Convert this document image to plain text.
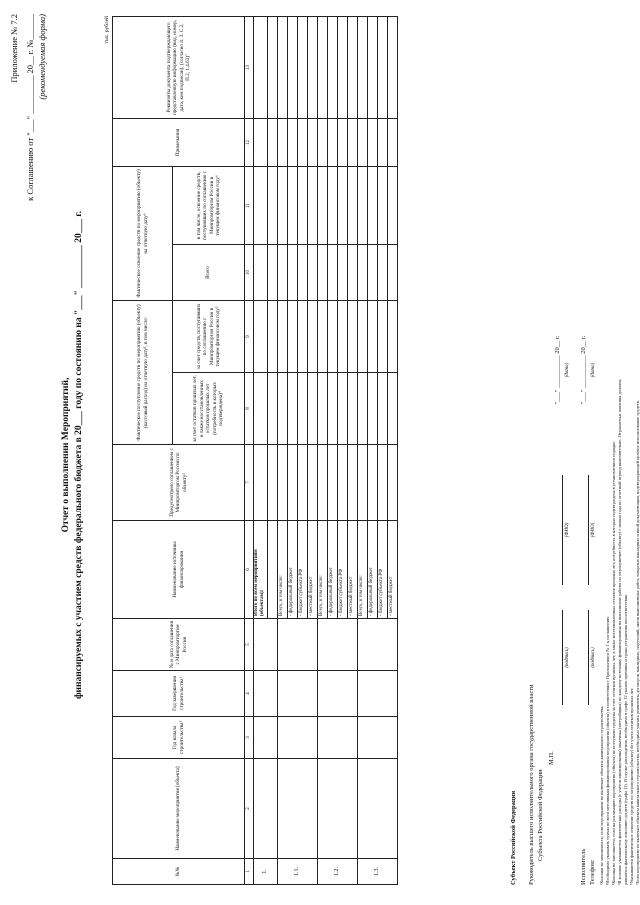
Приложение № 7.2 к Соглашению от "___" _________ 20__ г. №______ (рекомендуемая форма)
Отчет о выполнении Мероприятий, финансируемых с участием средств федерального бюджета в 20___ году по состоянию на "___" _________ 20___ г.
тыс. рублей
№№	Наименование мероприятия (объекта)	Год начала строительства¹	Год завершения строительства¹	№ и дата соглашения с Минпромторгом России	Наименование источника финансирования	Предусмотрено соглашением с Минпромторгом России по объекту²	Фактическое поступление средств по мероприятию (объекту) (кассовый расход) на отчетную дату³, в том числе:		Фактическое освоение средств по мероприятию (объекту) на отчетную дату⁶		Примечания	Реквизиты документа подтверждающего представленную информацию (вид, номер, дата, кем подписан), (согласно п. 3. С.2, П.2, 1.4.63)⁷
							за счет остатков прошлых лет, в также восстановленных остатков прошлых лет (потребность в которых подтверждена)⁴	за счет средств, поступивших по соглашению с Минпромторгом России в текущем финансовом году⁵	Всего	в том числе, освоение средств, поступивших по соглашению с Минпромторгом России в текущем финансовом году⁶		
1	2	3	4	5	6	7	8	9	10	11	12	13
1.					Итого по всем мероприятиям (объектам):							

1.1.					Всего, в том числе:							
					- федеральный бюджет							
					- бюджет субъекта РФ							
					- местный бюджет							
1.2.					Всего, в том числе:							
					- федеральный бюджет							
					- бюджет субъекта РФ							
					- местный бюджет							
1.3.					Всего, в том числе:							
					- федеральный бюджет							
					- бюджет субъекта РФ							
					- местный бюджет							
Субъект Российской Федерации Руководитель высшего исполнительного органа государственной власти Субъекта Российской Федерации
М.П.
(подпись)
(ФИО)
"___" __________ 20__ г. (дата)
Исполнитель Телефон:
(подпись)
(ФИО)
"___" __________ 20__ г. (дата)
¹Колонки не заполняются, если мероприятие не включает объекты капитального строительства. ²Необходимо указывать суммы по всем источникам финансирования мероприятия (объекта) в соответствии с Приложением № 1 к соглашению. ³Колонка не заполняется, если на реализацию мероприятия (объекта) не поступали средства за счет остатков прошлых лет, а также восстановленных остатков прошлых лет, потребность в которых подтверждена в установленном порядке. ⁴В колонке указываются фактические расходы (с учетом авансирования) заказчика (застройщика) по каждому источнику финансирования на выполнение работы по мероприятию (объекту) с начала года по отчетный период включительно. Отражаемые значения должны равняться фактическому освоению средств (графа 11). В случае расхождения, необходимо в графе 12 указать причины и сроки устранения несоответствия. ⁵Указываются фактическое освоение средств по мероприятию (объекту) без учета остатков прошлых лет. ⁶Если мероприятие не включает объекты капитального строительства, необходимо указать реквизиты договоров, накладных, поручений, актов выполненных работ, товарных накладных и иной документации, подтверждающей целевое использование средств.
